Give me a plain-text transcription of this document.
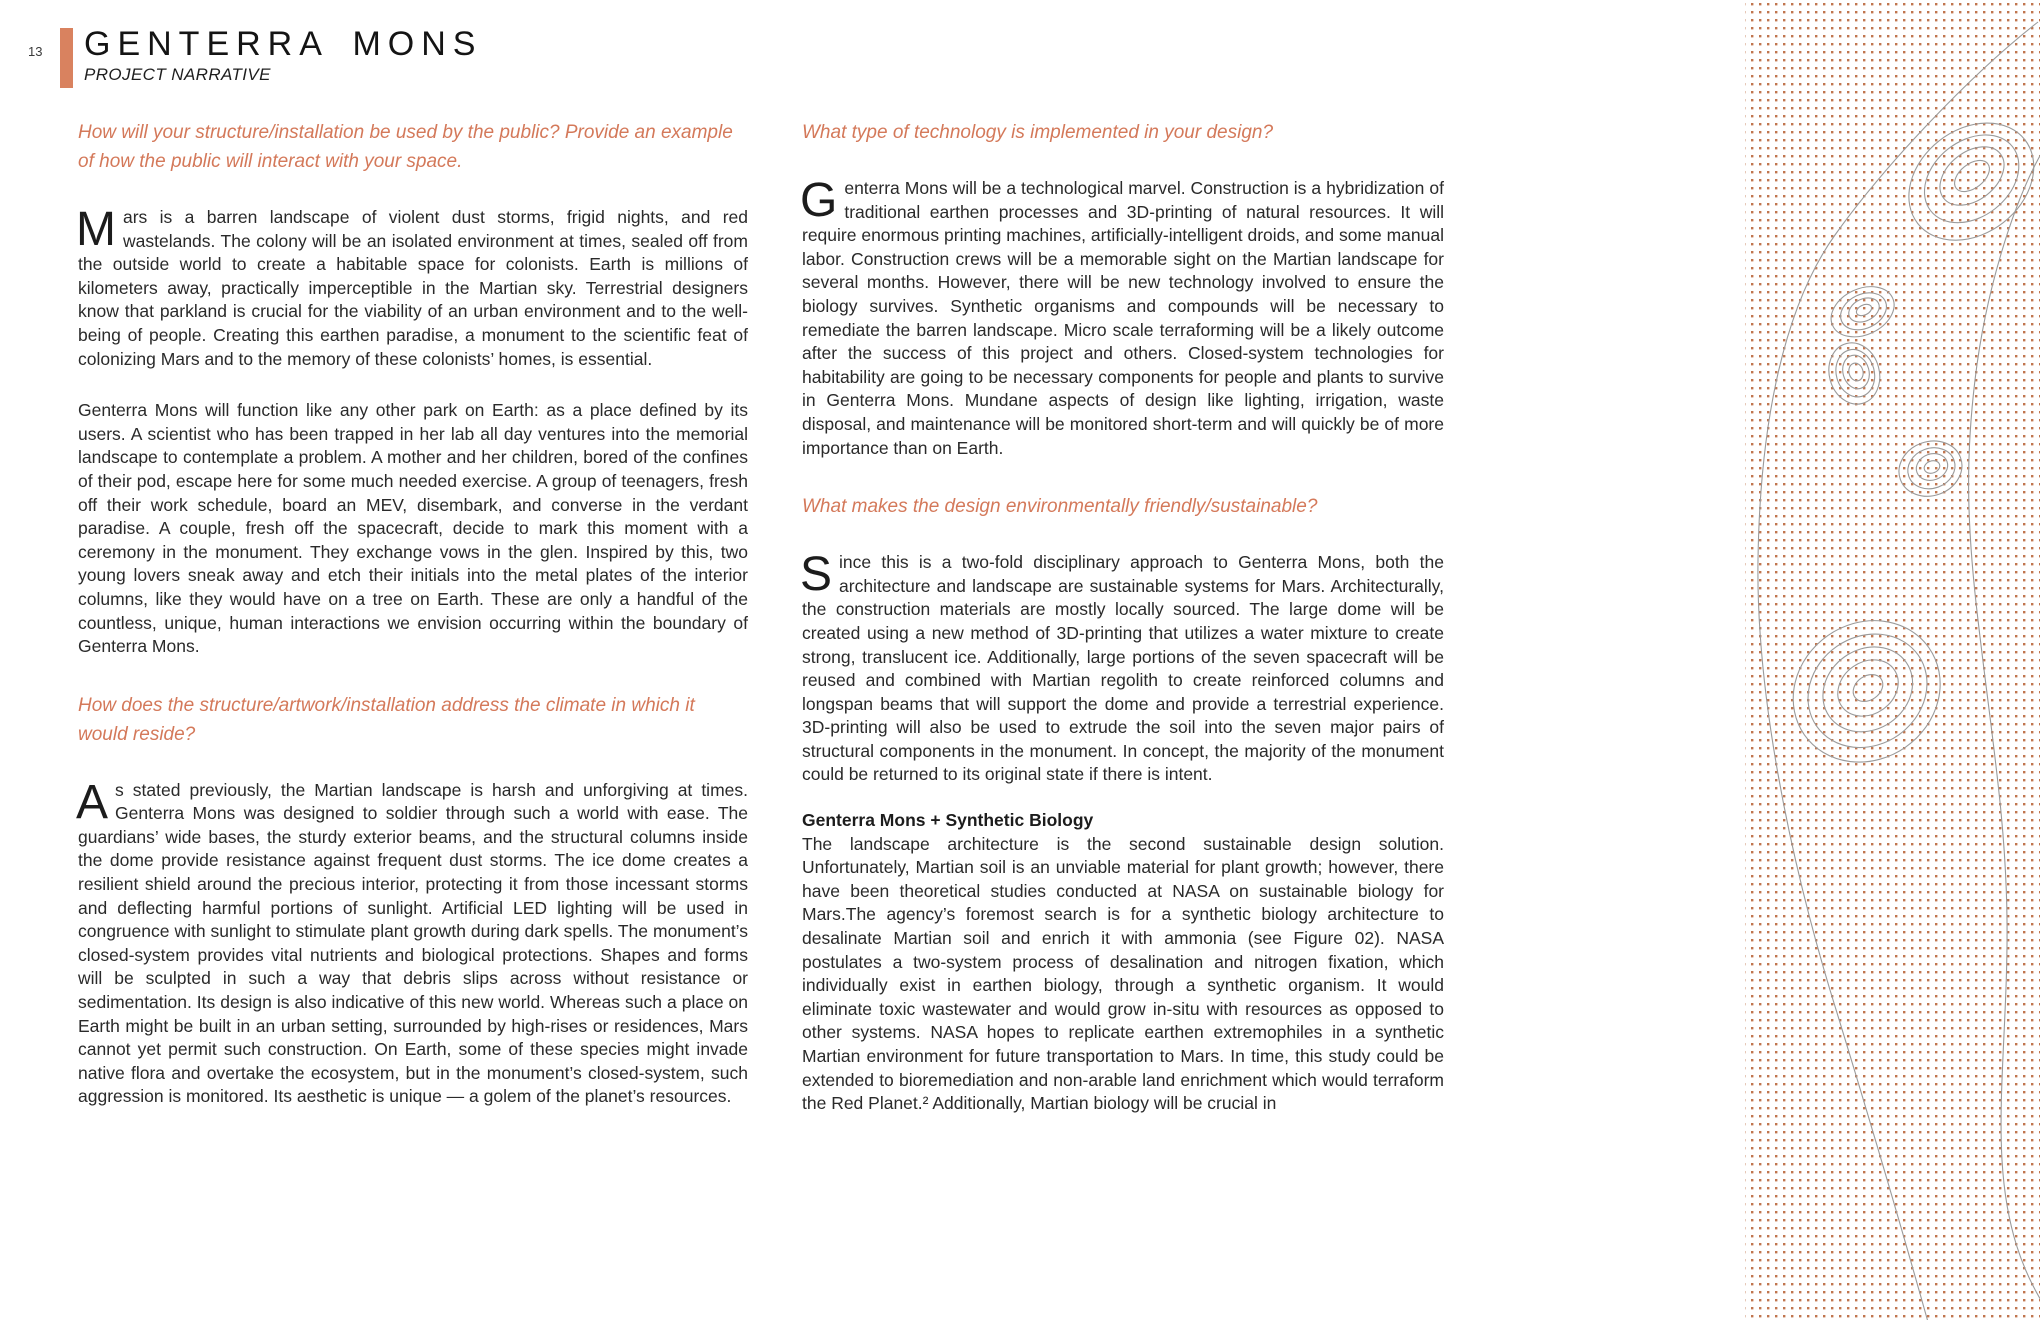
13 GENTERRA MONS
PROJECT NARRATIVE
How will your structure/installation be used by the public? Provide an example of how the public will interact with your space.

Mars is a barren landscape of violent dust storms, frigid nights, and red wastelands. The colony will be an isolated environment at times, sealed off from the outside world to create a habitable space for colonists. Earth is millions of kilometers away, practically imperceptible in the Martian sky. Terrestrial designers know that parkland is crucial for the viability of an urban environment and to the well-being of people. Creating this earthen paradise, a monument to the scientific feat of colonizing Mars and to the memory of these colonists’ homes, is essential.

Genterra Mons will function like any other park on Earth: as a place defined by its users. A scientist who has been trapped in her lab all day ventures into the memorial landscape to contemplate a problem. A mother and her children, bored of the confines of their pod, escape here for some much needed exercise. A group of teenagers, fresh off their work schedule, board an MEV, disembark, and converse in the verdant paradise. A couple, fresh off the spacecraft, decide to mark this moment with a ceremony in the monument. They exchange vows in the glen. Inspired by this, two young lovers sneak away and etch their initials into the metal plates of the interior columns, like they would have on a tree on Earth. These are only a handful of the countless, unique, human interactions we envision occurring within the boundary of Genterra Mons.

How does the structure/artwork/installation address the climate in which it would reside?

As stated previously, the Martian landscape is harsh and unforgiving at times. Genterra Mons was designed to soldier through such a world with ease. The guardians’ wide bases, the sturdy exterior beams, and the structural columns inside the dome provide resistance against frequent dust storms. The ice dome creates a resilient shield around the precious interior, protecting it from those incessant storms and deflecting harmful portions of sunlight. Artificial LED lighting will be used in congruence with sunlight to stimulate plant growth during dark spells. The monument’s closed-system provides vital nutrients and biological protections. Shapes and forms will be sculpted in such a way that debris slips across without resistance or sedimentation. Its design is also indicative of this new world. Whereas such a place on Earth might be built in an urban setting, surrounded by high-rises or residences, Mars cannot yet permit such construction. On Earth, some of these species might invade native flora and overtake the ecosystem, but in the monument’s closed-system, such aggression is monitored. Its aesthetic is unique — a golem of the planet’s resources.

What type of technology is implemented in your design?

Genterra Mons will be a technological marvel. Construction is a hybridization of traditional earthen processes and 3D-printing of natural resources. It will require enormous printing machines, artificially-intelligent droids, and some manual labor. Construction crews will be a memorable sight on the Martian landscape for several months. However, there will be new technology involved to ensure the biology survives. Synthetic organisms and compounds will be necessary to remediate the barren landscape. Micro scale terraforming will be a likely outcome after the success of this project and others. Closed-system technologies for habitability are going to be necessary components for people and plants to survive in Genterra Mons. Mundane aspects of design like lighting, irrigation, waste disposal, and maintenance will be monitored short-term and will quickly be of more importance than on Earth.

What makes the design environmentally friendly/sustainable?

Since this is a two-fold disciplinary approach to Genterra Mons, both the architecture and landscape are sustainable systems for Mars. Architecturally, the construction materials are mostly locally sourced. The large dome will be created using a new method of 3D-printing that utilizes a water mixture to create strong, translucent ice. Additionally, large portions of the seven spacecraft will be reused and combined with Martian regolith to create reinforced columns and longspan beams that will support the dome and provide a terrestrial experience. 3D-printing will also be used to extrude the soil into the seven major pairs of structural components in the monument. In concept, the majority of the monument could be returned to its original state if there is intent.

Genterra Mons + Synthetic Biology

The landscape architecture is the second sustainable design solution. Unfortunately, Martian soil is an unviable material for plant growth; however, there have been theoretical studies conducted at NASA on sustainable biology for Mars.The agency’s foremost search is for a synthetic biology architecture to desalinate Martian soil and enrich it with ammonia (see Figure 02). NASA postulates a two-system process of desalination and nitrogen fixation, which individually exist in earthen biology, through a synthetic organism. It would eliminate toxic wastewater and would grow in-situ with resources as opposed to other systems. NASA hopes to replicate earthen extremophiles in a synthetic Martian environment for future transportation to Mars. In time, this study could be extended to bioremediation and non-arable land enrichment which would terraform the Red Planet.² Additionally, Martian biology will be crucial in
